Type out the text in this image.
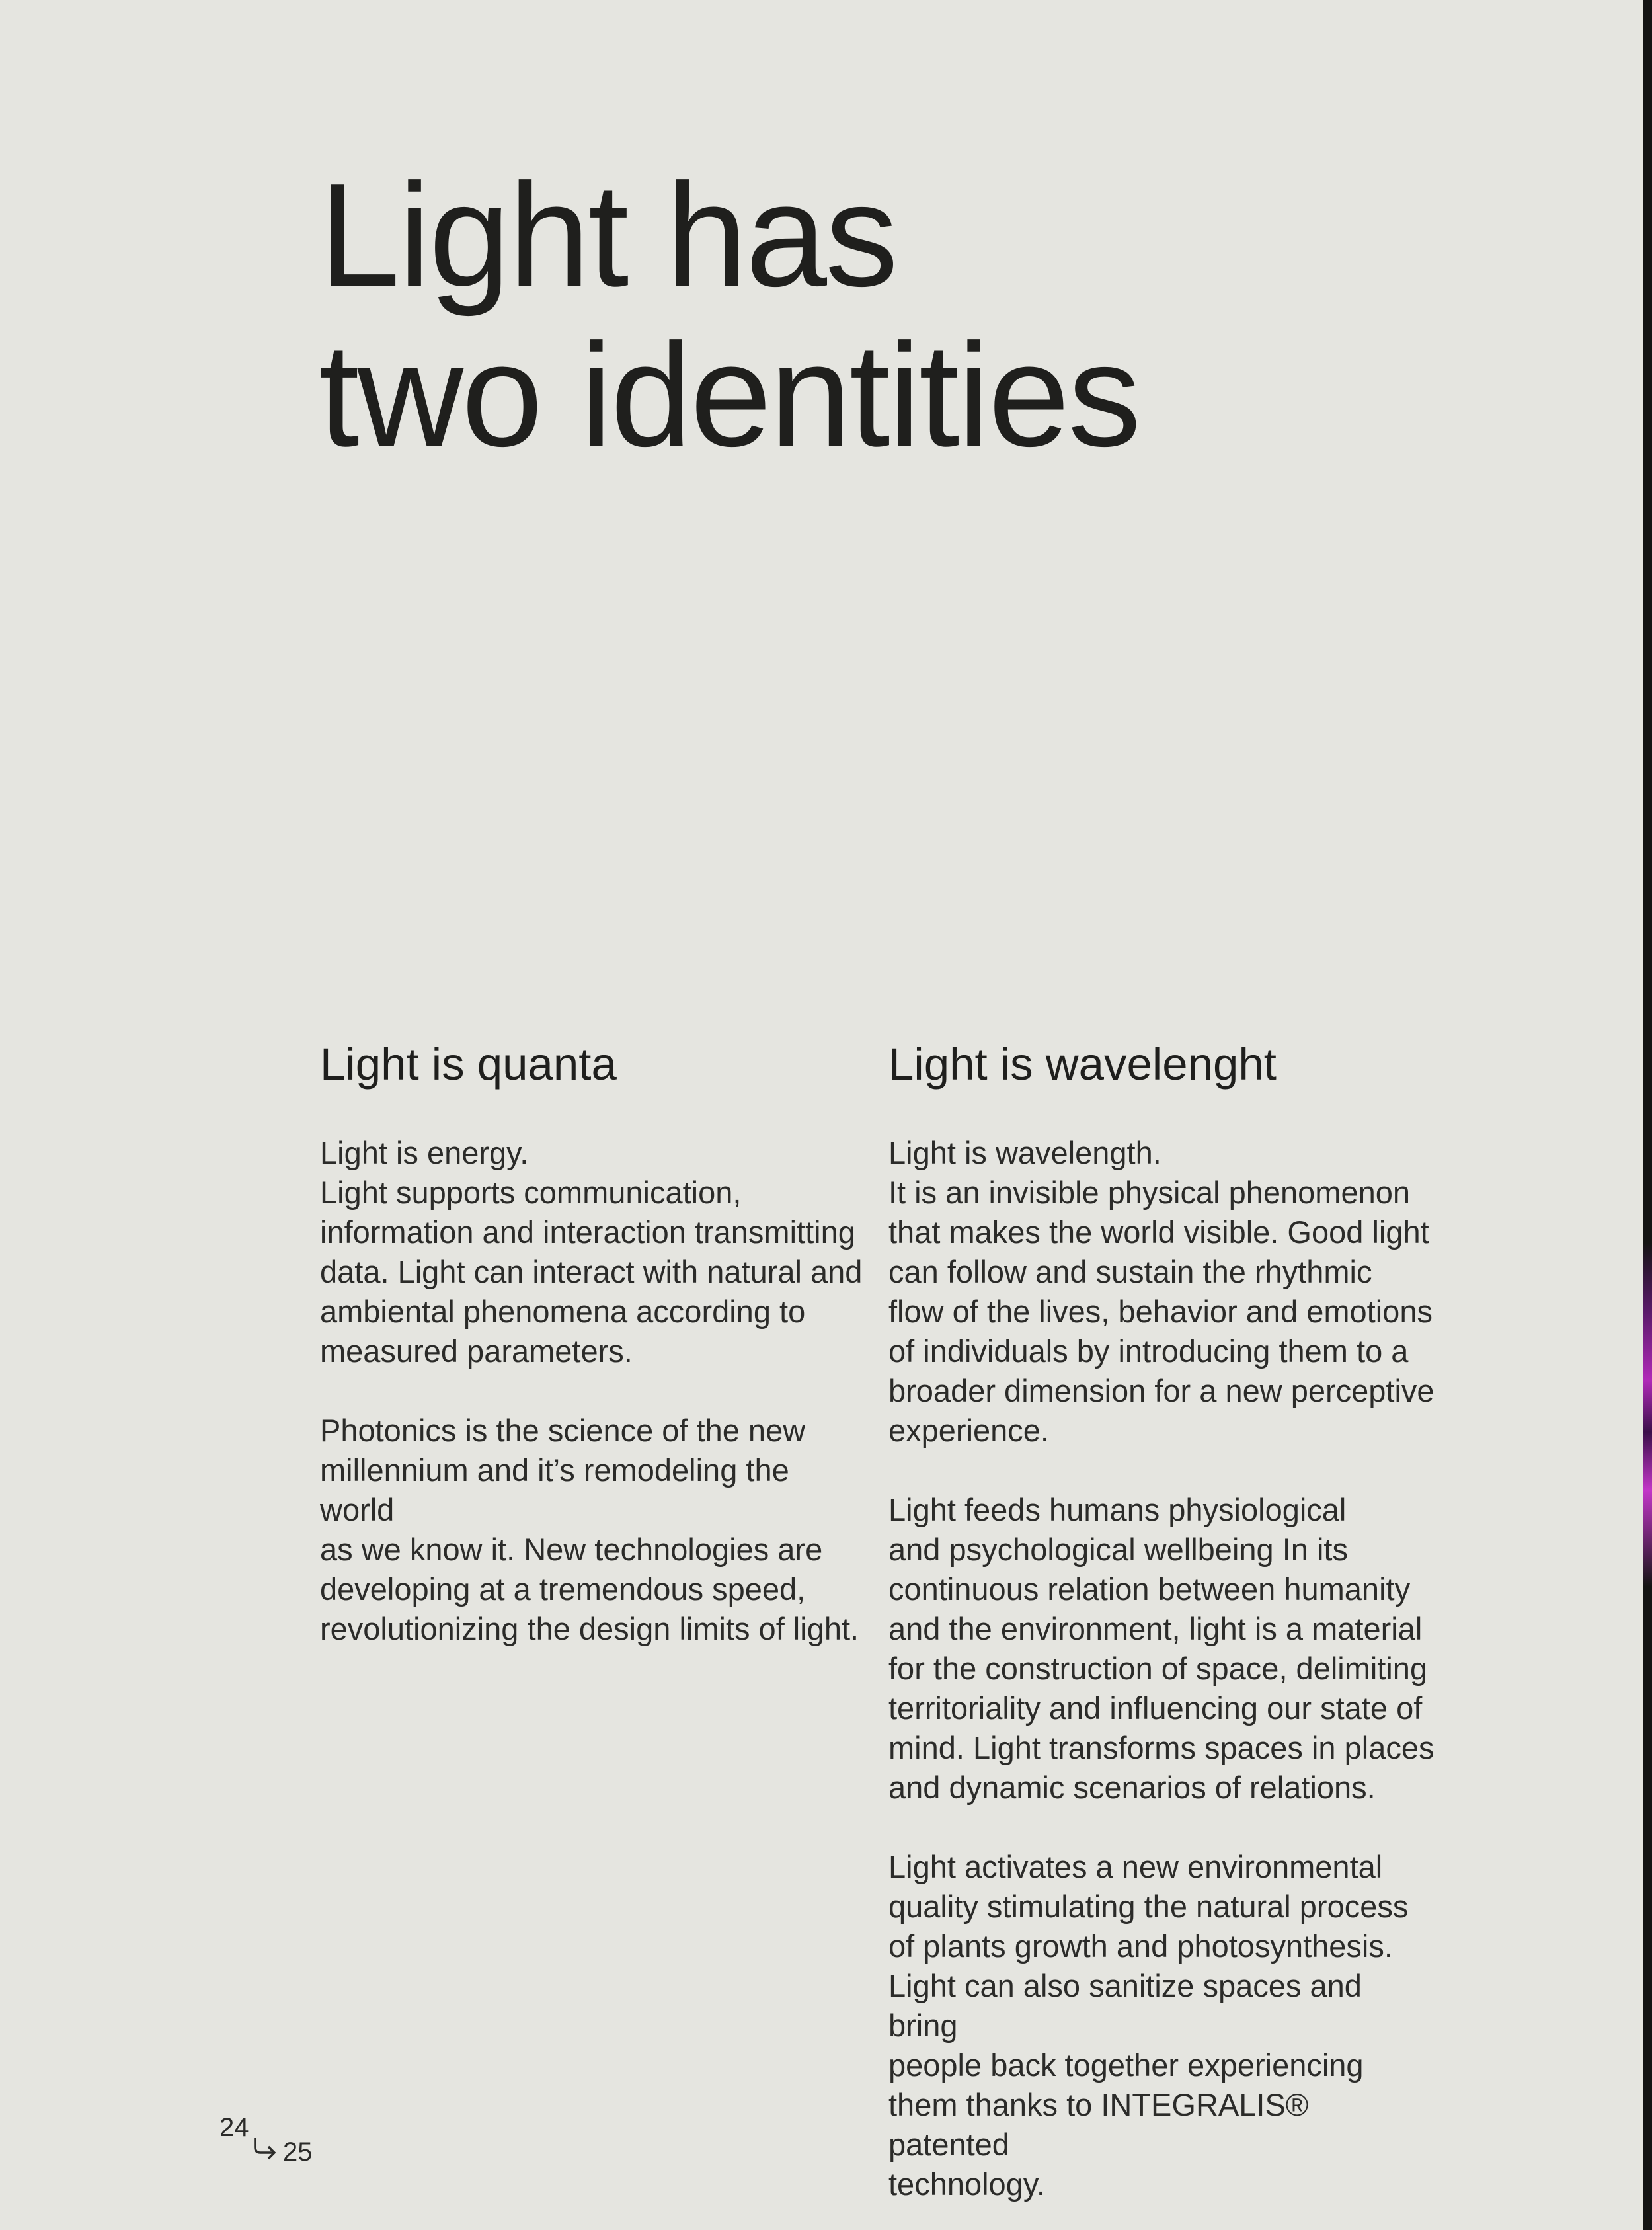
Light has
two identities
Light is quanta

Light is energy.
Light supports communication,
information and interaction transmitting
data. Light can interact with natural and
ambiental phenomena according to
measured parameters.

Photonics is the science of the new
millennium and it’s remodeling the world
as we know it. New technologies are
developing at a tremendous speed,
revolutionizing the design limits of light.

Light is wavelenght

Light is wavelength.
It is an invisible physical phenomenon
that makes the world visible. Good light
can follow and sustain the rhythmic
flow of the lives, behavior and emotions
of individuals by introducing them to a
broader dimension for a new perceptive
experience.

Light feeds humans physiological
and psychological wellbeing In its
continuous relation between humanity
and the environment, light is a material
for the construction of space, delimiting
territoriality and influencing our state of
mind. Light transforms spaces in places
and dynamic scenarios of relations.

Light activates a new environmental
quality stimulating the natural process
of plants growth and photosynthesis.
Light can also sanitize spaces and bring
people back together experiencing
them thanks to INTEGRALIS® patented
technology.

24
25
